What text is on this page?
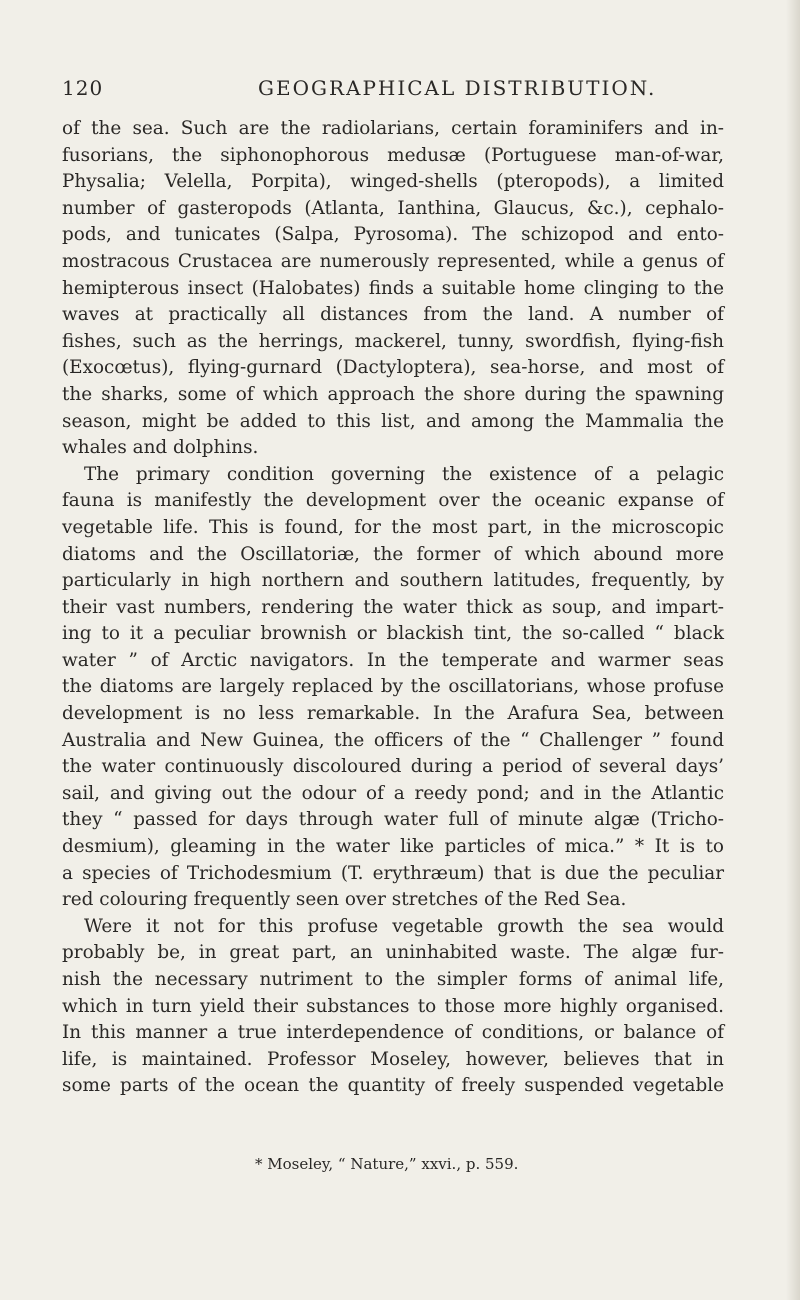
120	GEOGRAPHICAL DISTRIBUTION.
of the sea. Such are the radiolarians, certain foraminifers and in-
fusorians, the siphonophorous medusæ (Portuguese man-of-war,
Physalia; Velella, Porpita), winged-shells (pteropods), a limited
number of gasteropods (Atlanta, Ianthina, Glaucus, &c.), cephalo-
pods, and tunicates (Salpa, Pyrosoma). The schizopod and ento-
mostracous Crustacea are numerously represented, while a genus of
hemipterous insect (Halobates) finds a suitable home clinging to the
waves at practically all distances from the land. A number of
fishes, such as the herrings, mackerel, tunny, swordfish, flying-fish
(Exocœtus), flying-gurnard (Dactyloptera), sea-horse, and most of
the sharks, some of which approach the shore during the spawning
season, might be added to this list, and among the Mammalia the
whales and dolphins.
The primary condition governing the existence of a pelagic
fauna is manifestly the development over the oceanic expanse of
vegetable life. This is found, for the most part, in the microscopic
diatoms and the Oscillatoriæ, the former of which abound more
particularly in high northern and southern latitudes, frequently, by
their vast numbers, rendering the water thick as soup, and impart-
ing to it a peculiar brownish or blackish tint, the so-called “ black
water ” of Arctic navigators. In the temperate and warmer seas
the diatoms are largely replaced by the oscillatorians, whose profuse
development is no less remarkable. In the Arafura Sea, between
Australia and New Guinea, the officers of the “ Challenger ” found
the water continuously discoloured during a period of several days’
sail, and giving out the odour of a reedy pond; and in the Atlantic
they “ passed for days through water full of minute algæ (Tricho-
desmium), gleaming in the water like particles of mica.” * It is to
a species of Trichodesmium (T. erythræum) that is due the peculiar
red colouring frequently seen over stretches of the Red Sea.
Were it not for this profuse vegetable growth the sea would
probably be, in great part, an uninhabited waste. The algæ fur-
nish the necessary nutriment to the simpler forms of animal life,
which in turn yield their substances to those more highly organised.
In this manner a true interdependence of conditions, or balance of
life, is maintained. Professor Moseley, however, believes that in
some parts of the ocean the quantity of freely suspended vegetable
* Moseley, “ Nature,” xxvi., p. 559.
